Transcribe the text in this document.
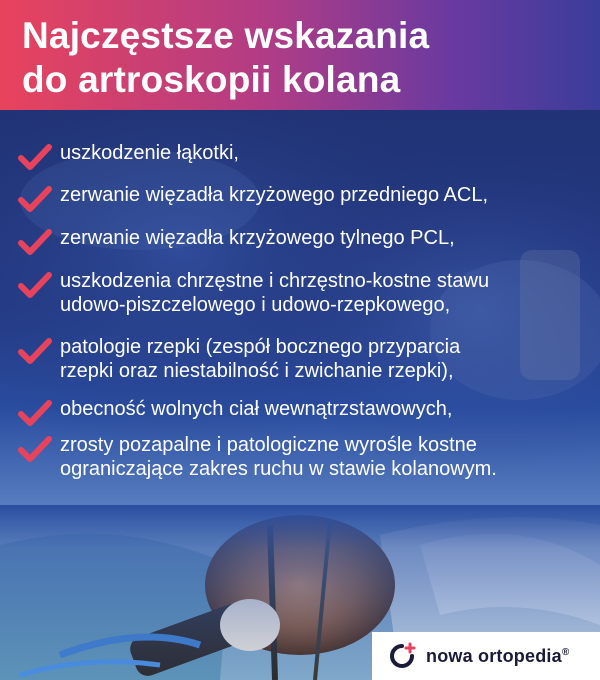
Najczęstsze wskazania
do artroskopii kolana
uszkodzenie łąkotki,
zerwanie więzadła krzyżowego przedniego ACL,
zerwanie więzadła krzyżowego tylnego PCL,
uszkodzenia chrzęstne i chrzęstno-kostne stawu
udowo-piszczelowego i udowo-rzepkowego,
patologie rzepki (zespół bocznego przyparcia
rzepki oraz niestabilność i zwichanie rzepki),
obecność wolnych ciał wewnątrzstawowych,
zrosty pozapalne i patologiczne wyrośle kostne
ograniczające zakres ruchu w stawie kolanowym.
nowa ortopedia®
